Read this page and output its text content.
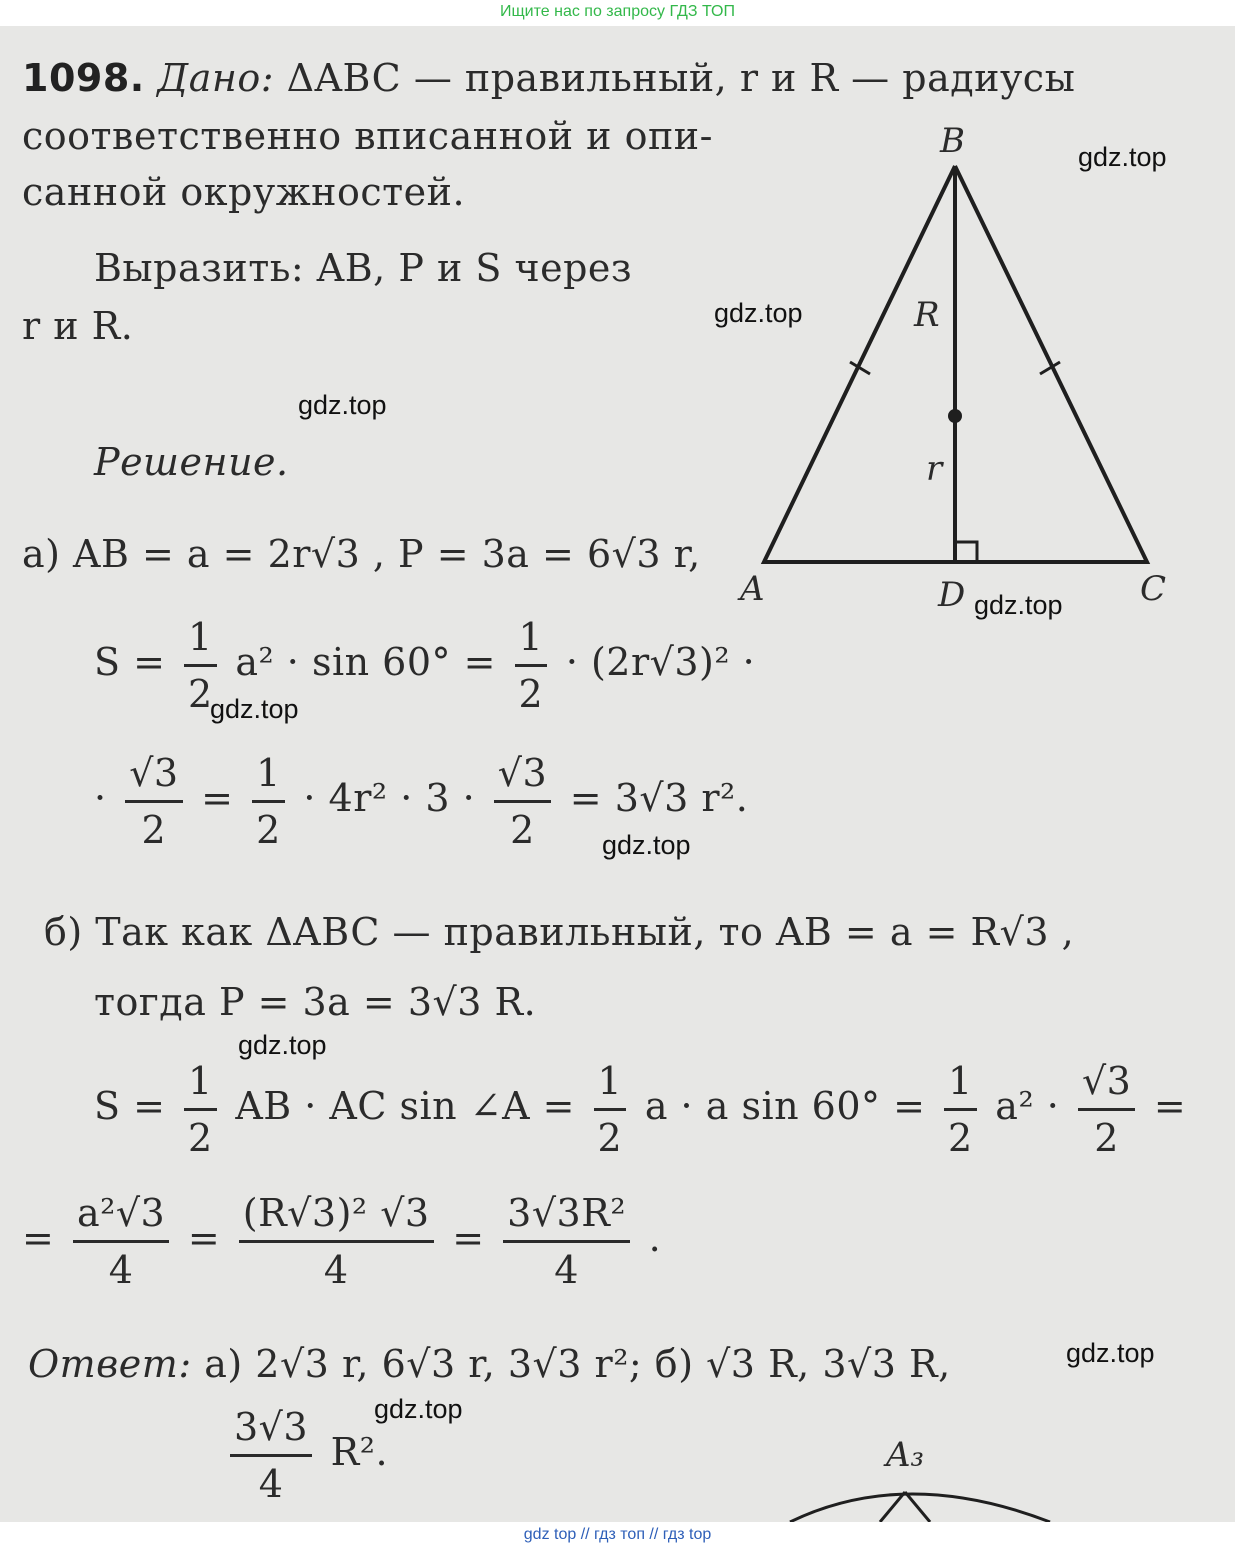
Ищите нас по запросу ГДЗ ТОП
1098. Дано: ΔABC — правильный, r и R — радиусы
соответственно вписанной и опи-
санной окружностей.
Выразить: AB, P и S через
r и R.
Решение.
а) AB = a = 2r√3 , P = 3a = 6√3 r,
$S = \frac{1}{2} a^2 \cdot \sin 60^\circ = \frac{1}{2} \cdot (2r√3)^2$ ·
· $\frac{√3}{2} = \frac{1}{2} \cdot 4r^2 \cdot 3 \cdot \frac{√3}{2} = 3√3$ r².
б) Так как ΔABC — правильный, то AB = a = R√3 ,
тогда P = 3a = 3√3 R.
$S = \frac{1}{2}$ AB · AC sin ∠A = $\frac{1}{2}$ a · a $\sin 60^\circ = \frac{1}{2} a^2 \cdot \frac{√3}{2}$ =
= $\frac{\text{a²√3}}{4} = \frac{\text{(R√3)² √3}}{4} = \frac{\text{3√3R²}}{4}$ .
Ответ: а) 2√3 r, 6√3 r, 3√3 r²; б) √3 R, 3√3 R,
$\frac{3√3}{4} R^2$.
B
A	C
D
R
r
A₃
gdz.top
gdz.top
gdz.top
gdz.top
gdz.top
gdz.top
gdz.top
gdz.top
gdz.top
gdz top // гдз топ // гдз top
